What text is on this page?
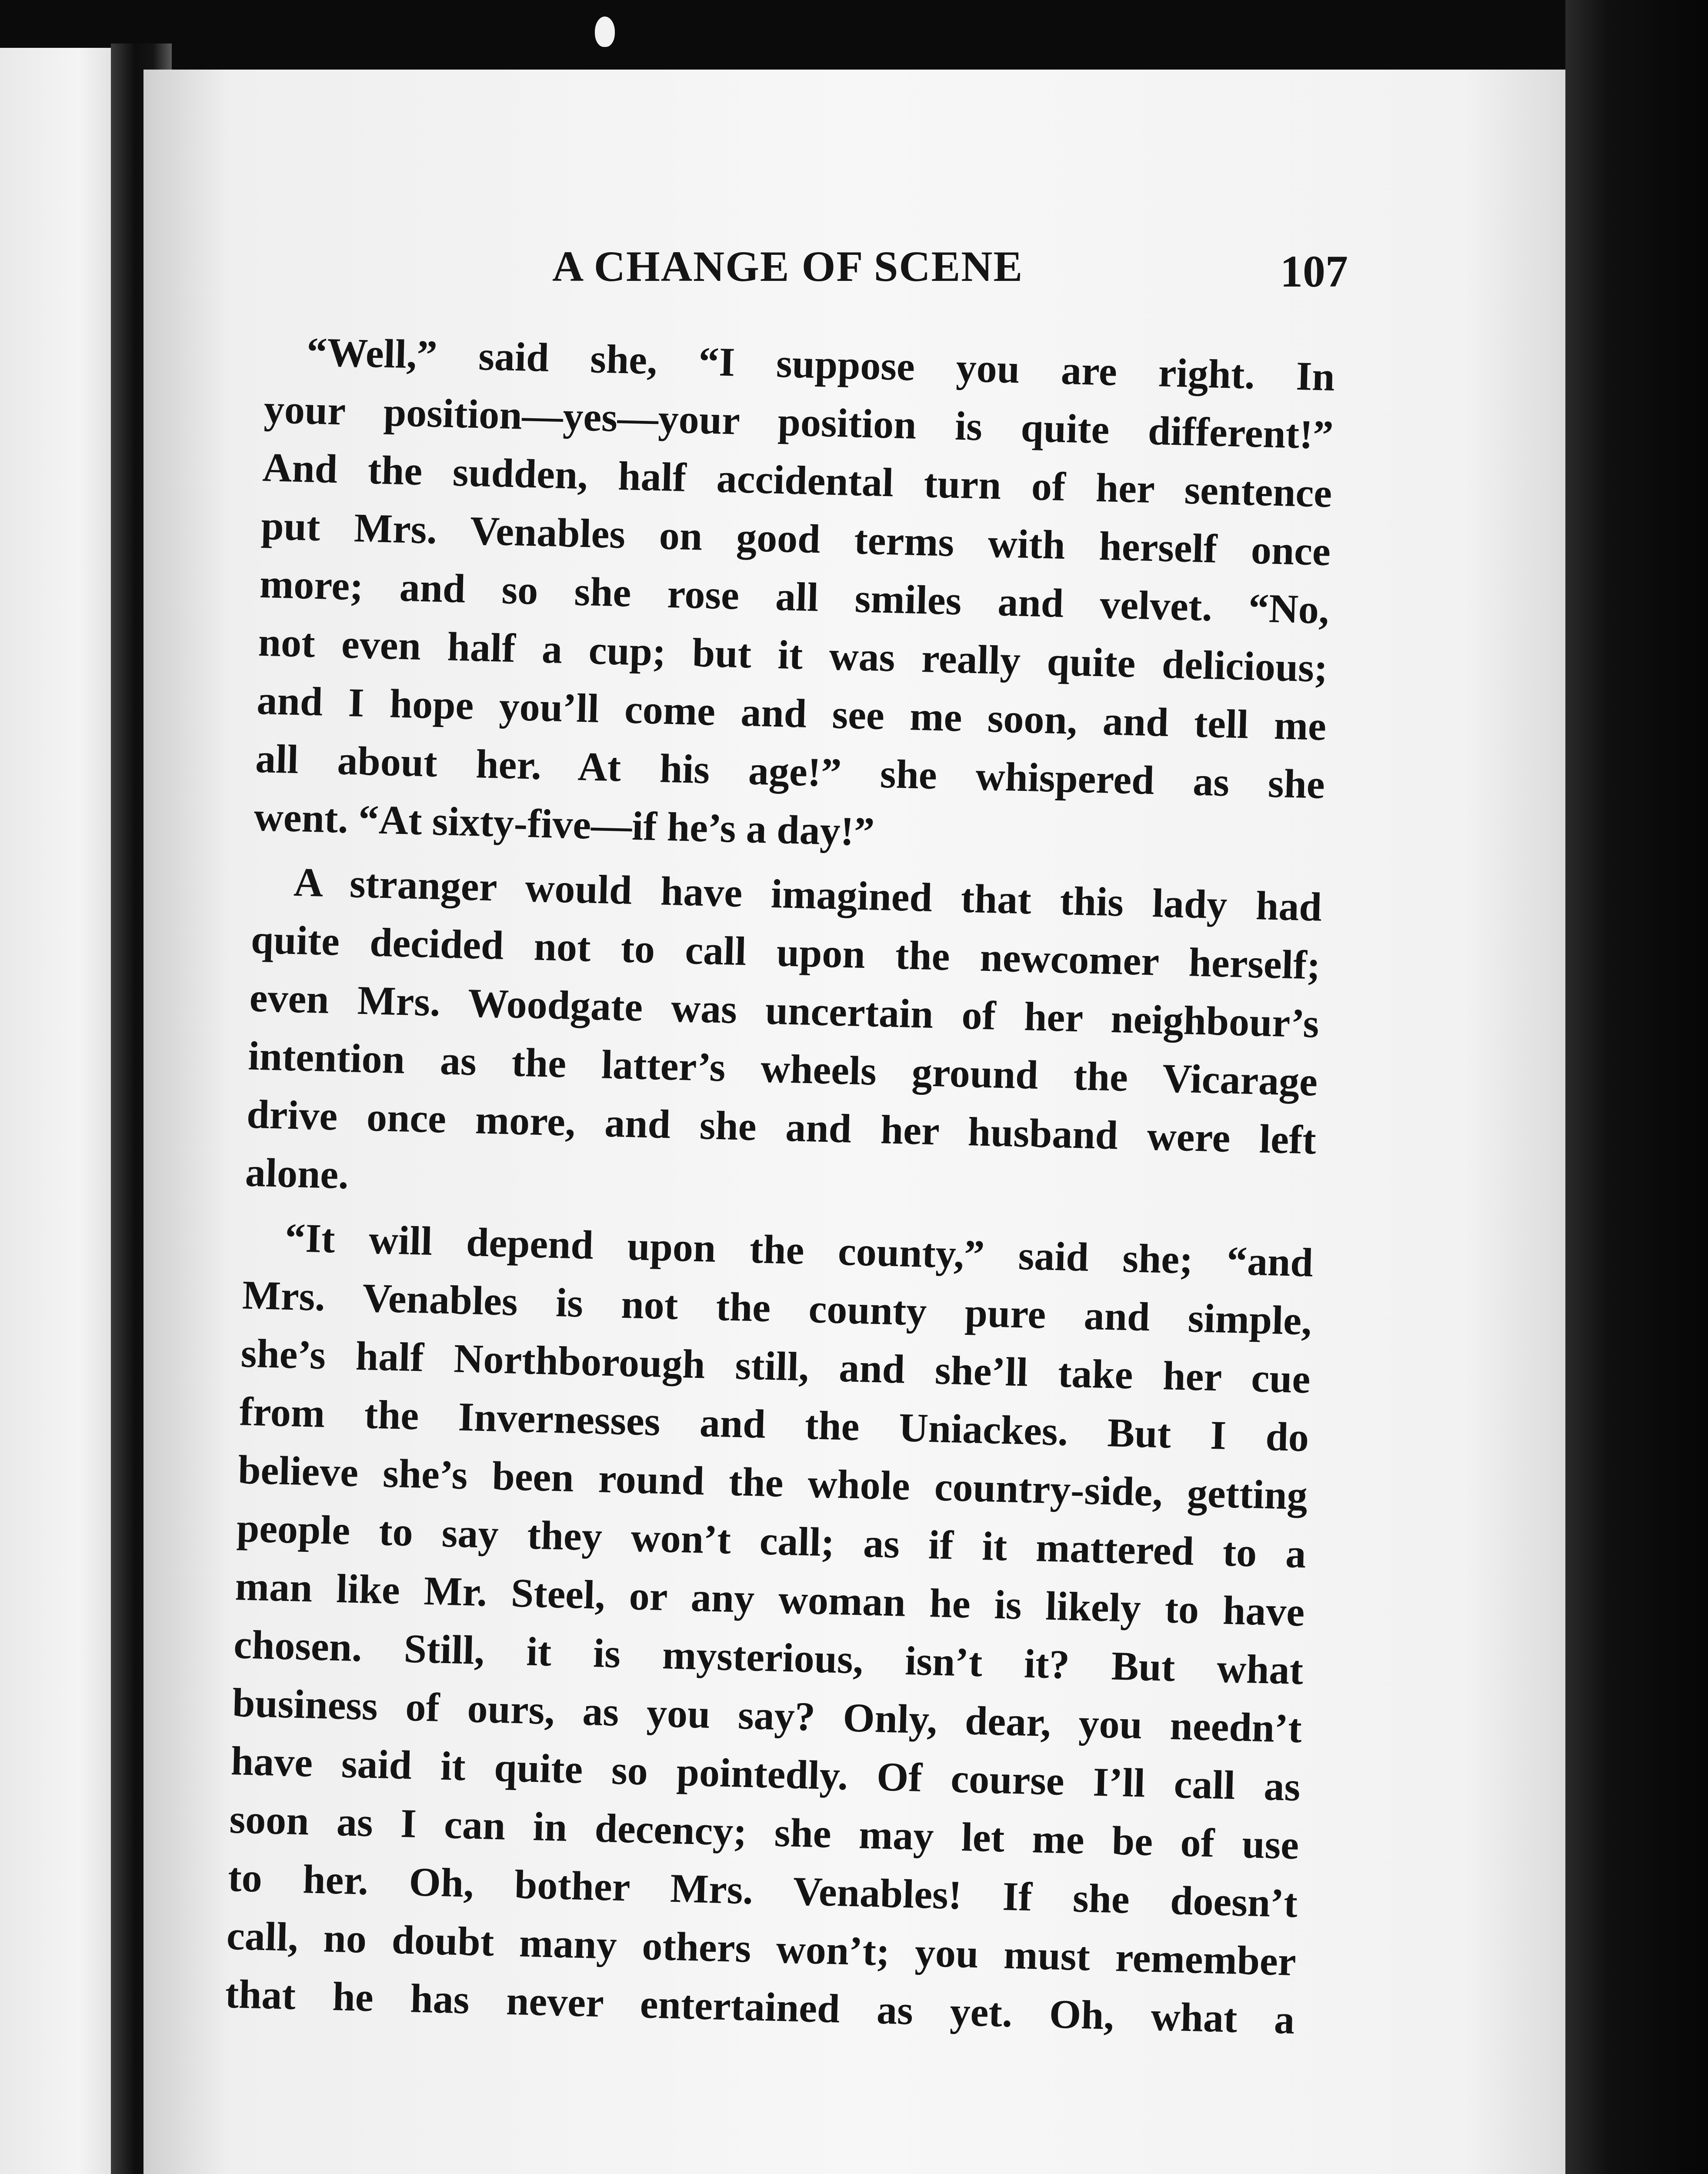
A CHANGE OF SCENE	107
“Well,” said she, “I suppose you are right. In
your position—yes—your position is quite different!”
And the sudden, half accidental turn of her sentence
put Mrs. Venables on good terms with herself once
more; and so she rose all smiles and velvet. “No,
not even half a cup; but it was really quite delicious;
and I hope you’ll come and see me soon, and tell me
all about her. At his age!” she whispered as she
went. “At sixty-five—if he’s a day!”
A stranger would have imagined that this lady had
quite decided not to call upon the newcomer herself;
even Mrs. Woodgate was uncertain of her neighbour’s
intention as the latter’s wheels ground the Vicarage
drive once more, and she and her husband were left
alone.
“It will depend upon the county,” said she; “and
Mrs. Venables is not the county pure and simple,
she’s half Northborough still, and she’ll take her cue
from the Invernesses and the Uniackes. But I do
believe she’s been round the whole country-side, getting
people to say they won’t call; as if it mattered to a
man like Mr. Steel, or any woman he is likely to have
chosen. Still, it is mysterious, isn’t it? But what
business of ours, as you say? Only, dear, you needn’t
have said it quite so pointedly. Of course I’ll call as
soon as I can in decency; she may let me be of use
to her. Oh, bother Mrs. Venables! If she doesn’t
call, no doubt many others won’t; you must remember
that he has never entertained as yet. Oh, what a
